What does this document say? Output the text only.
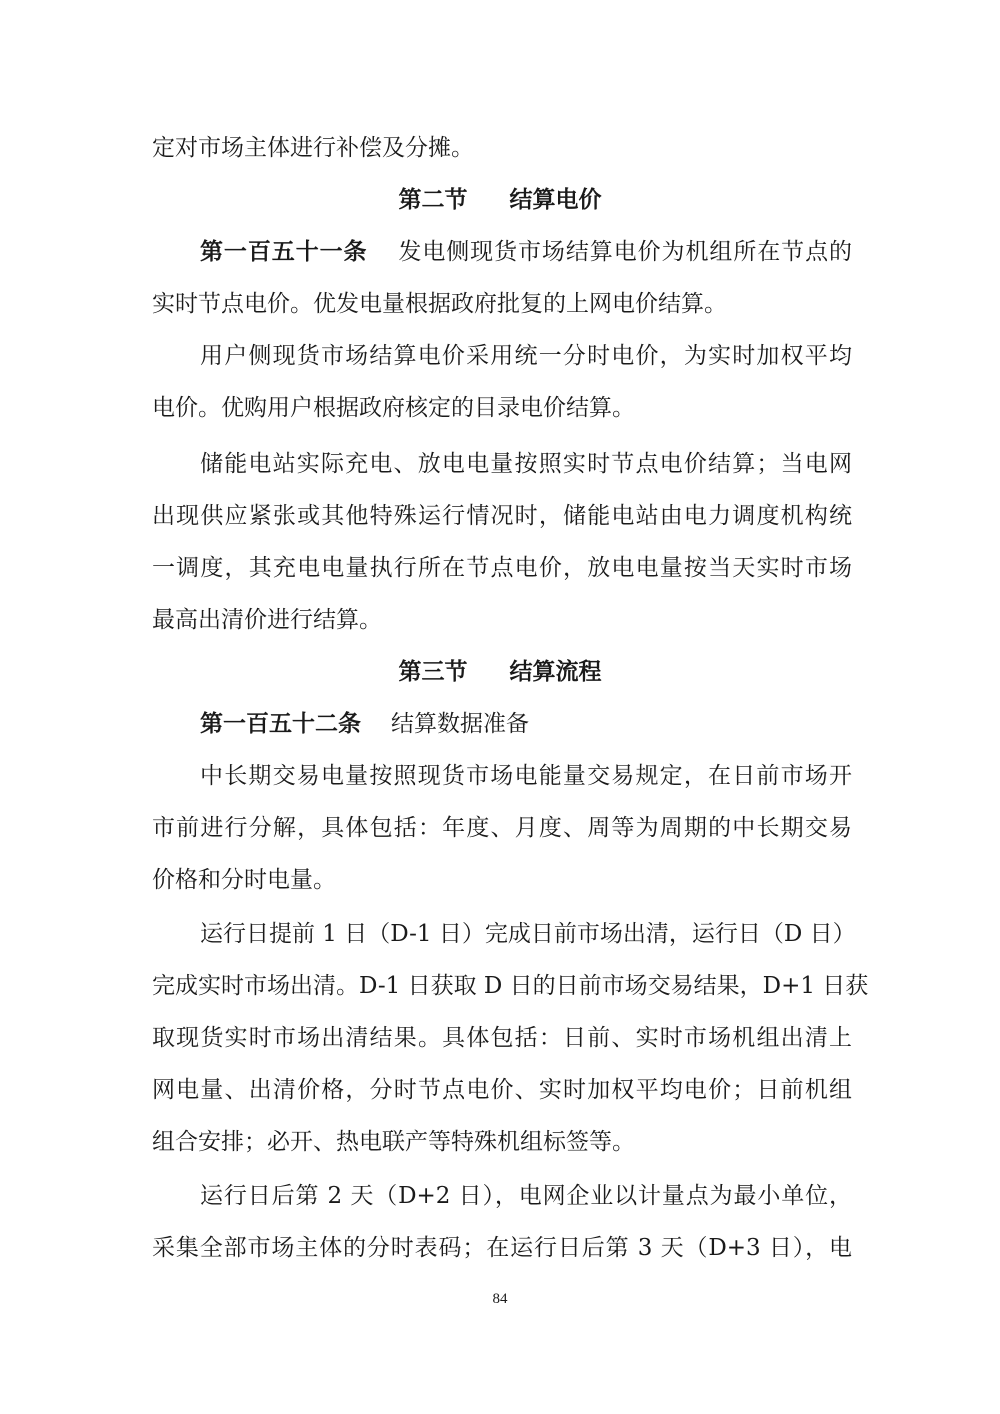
定对市场主体进行补偿及分摊。
第二节 结算电价
第一百五十一条 发电侧现货市场结算电价为机组所在节点的
实时节点电价。优发电量根据政府批复的上网电价结算。
用户侧现货市场结算电价采用统一分时电价，为实时加权平均
电价。优购用户根据政府核定的目录电价结算。
储能电站实际充电、放电电量按照实时节点电价结算；当电网
出现供应紧张或其他特殊运行情况时，储能电站由电力调度机构统
一调度，其充电电量执行所在节点电价，放电电量按当天实时市场
最高出清价进行结算。
第三节 结算流程
第一百五十二条 结算数据准备
中长期交易电量按照现货市场电能量交易规定，在日前市场开
市前进行分解，具体包括：年度、月度、周等为周期的中长期交易
价格和分时电量。
运行日提前 1 日（D-1 日）完成日前市场出清，运行日（D 日）
完成实时市场出清。D-1 日获取 D 日的日前市场交易结果，D+1 日获
取现货实时市场出清结果。具体包括：日前、实时市场机组出清上
网电量、出清价格，分时节点电价、实时加权平均电价；日前机组
组合安排；必开、热电联产等特殊机组标签等。
运行日后第 2 天（D+2 日），电网企业以计量点为最小单位，
采集全部市场主体的分时表码；在运行日后第 3 天（D+3 日），电
84
